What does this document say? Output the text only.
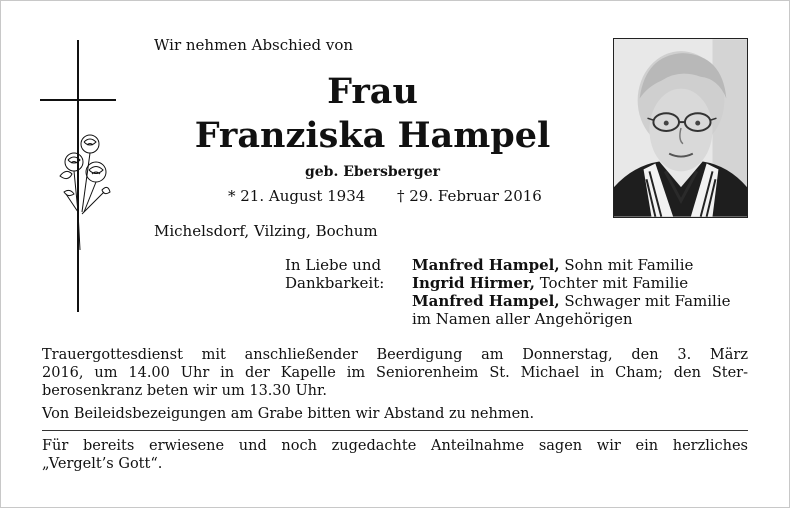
Wir nehmen Abschied von
Frau
Franziska Hampel
geb. Ebersberger
* 21. August 1934 † 29. Februar 2016
Michelsdorf, Vilzing, Bochum
In Liebe und
Dankbarkeit:
Manfred Hampel, Sohn mit Familie
Ingrid Hirmer, Tochter mit Familie
Manfred Hampel, Schwager mit Familie
im Namen aller Angehörigen
Trauergottesdienst mit anschließender Beerdigung am Donnerstag, den 3. März
2016, um 14.00 Uhr in der Kapelle im Seniorenheim St. Michael in Cham; den Ster-
berosenkranz beten wir um 13.30 Uhr.
Von Beileidsbezeigungen am Grabe bitten wir Abstand zu nehmen.
Für bereits erwiesene und noch zugedachte Anteilnahme sagen wir ein herzliches
„Vergelt’s Gott“.
